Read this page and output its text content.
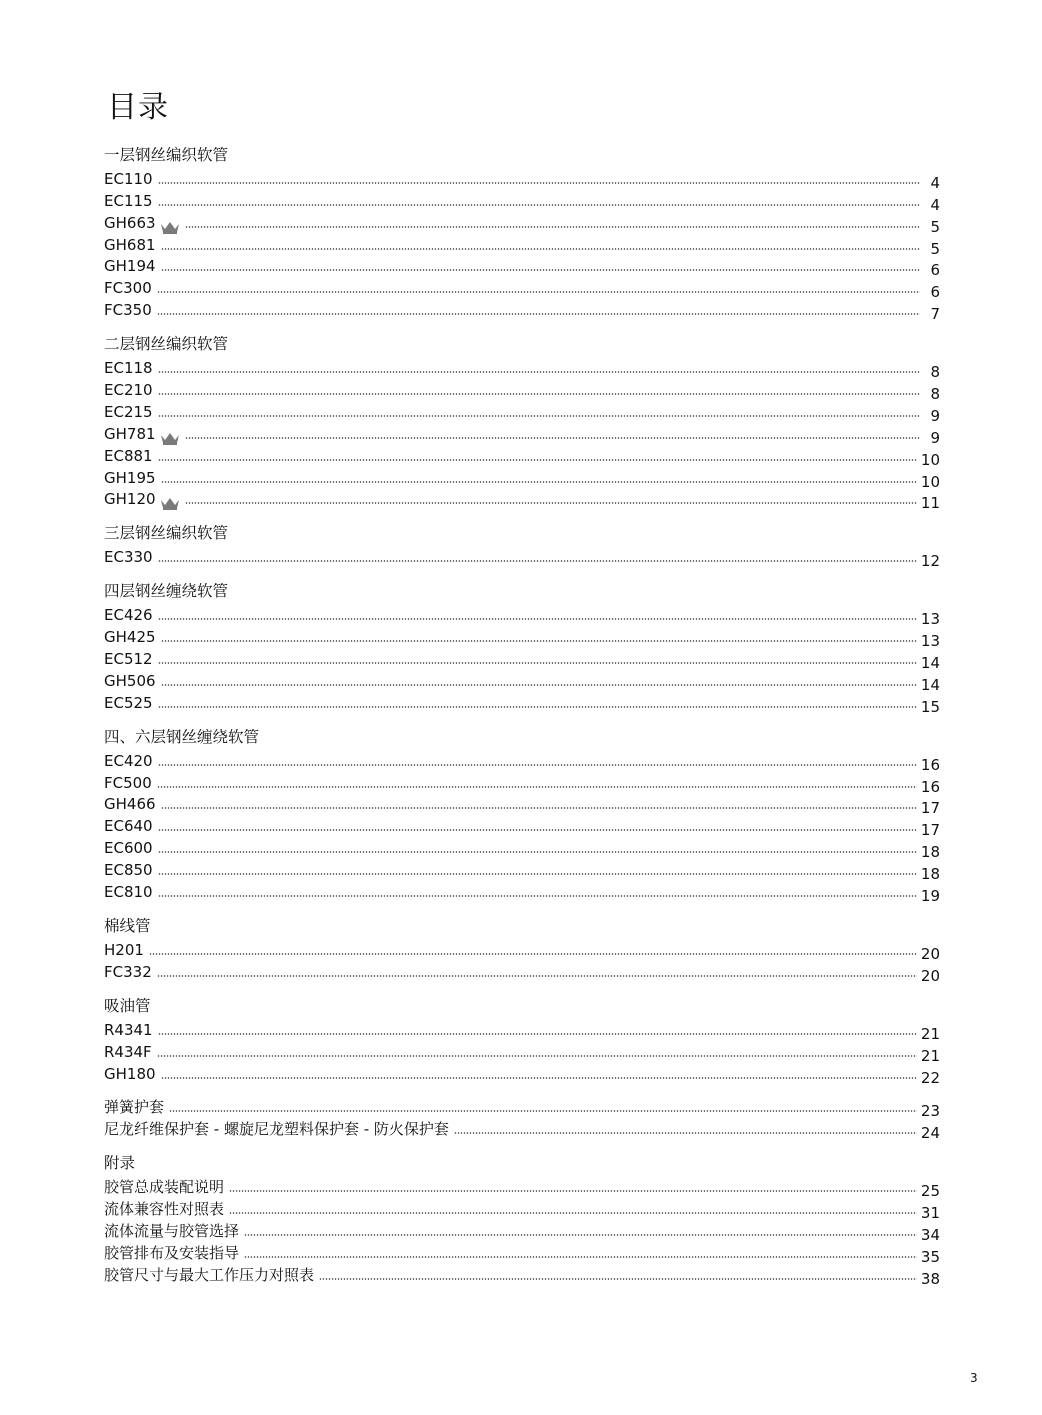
目录
一层钢丝编织软管
EC110	4
EC115	4
GH663	5
GH681	5
GH194	6
FC300	6
FC350	7
二层钢丝编织软管
EC118	8
EC210	8
EC215	9
GH781	9
EC881	10
GH195	10
GH120	11
三层钢丝编织软管
EC330	12
四层钢丝缠绕软管
EC426	13
GH425	13
EC512	14
GH506	14
EC525	15
四、六层钢丝缠绕软管
EC420	16
FC500	16
GH466	17
EC640	17
EC600	18
EC850	18
EC810	19
棉线管
H201	20
FC332	20
吸油管
R4341	21
R434F	21
GH180	22
弹簧护套	23
尼龙纤维保护套 - 螺旋尼龙塑料保护套 - 防火保护套	24
附录
胶管总成装配说明	25
流体兼容性对照表	31
流体流量与胶管选择	34
胶管排布及安装指导	35
胶管尺寸与最大工作压力对照表	38
3
